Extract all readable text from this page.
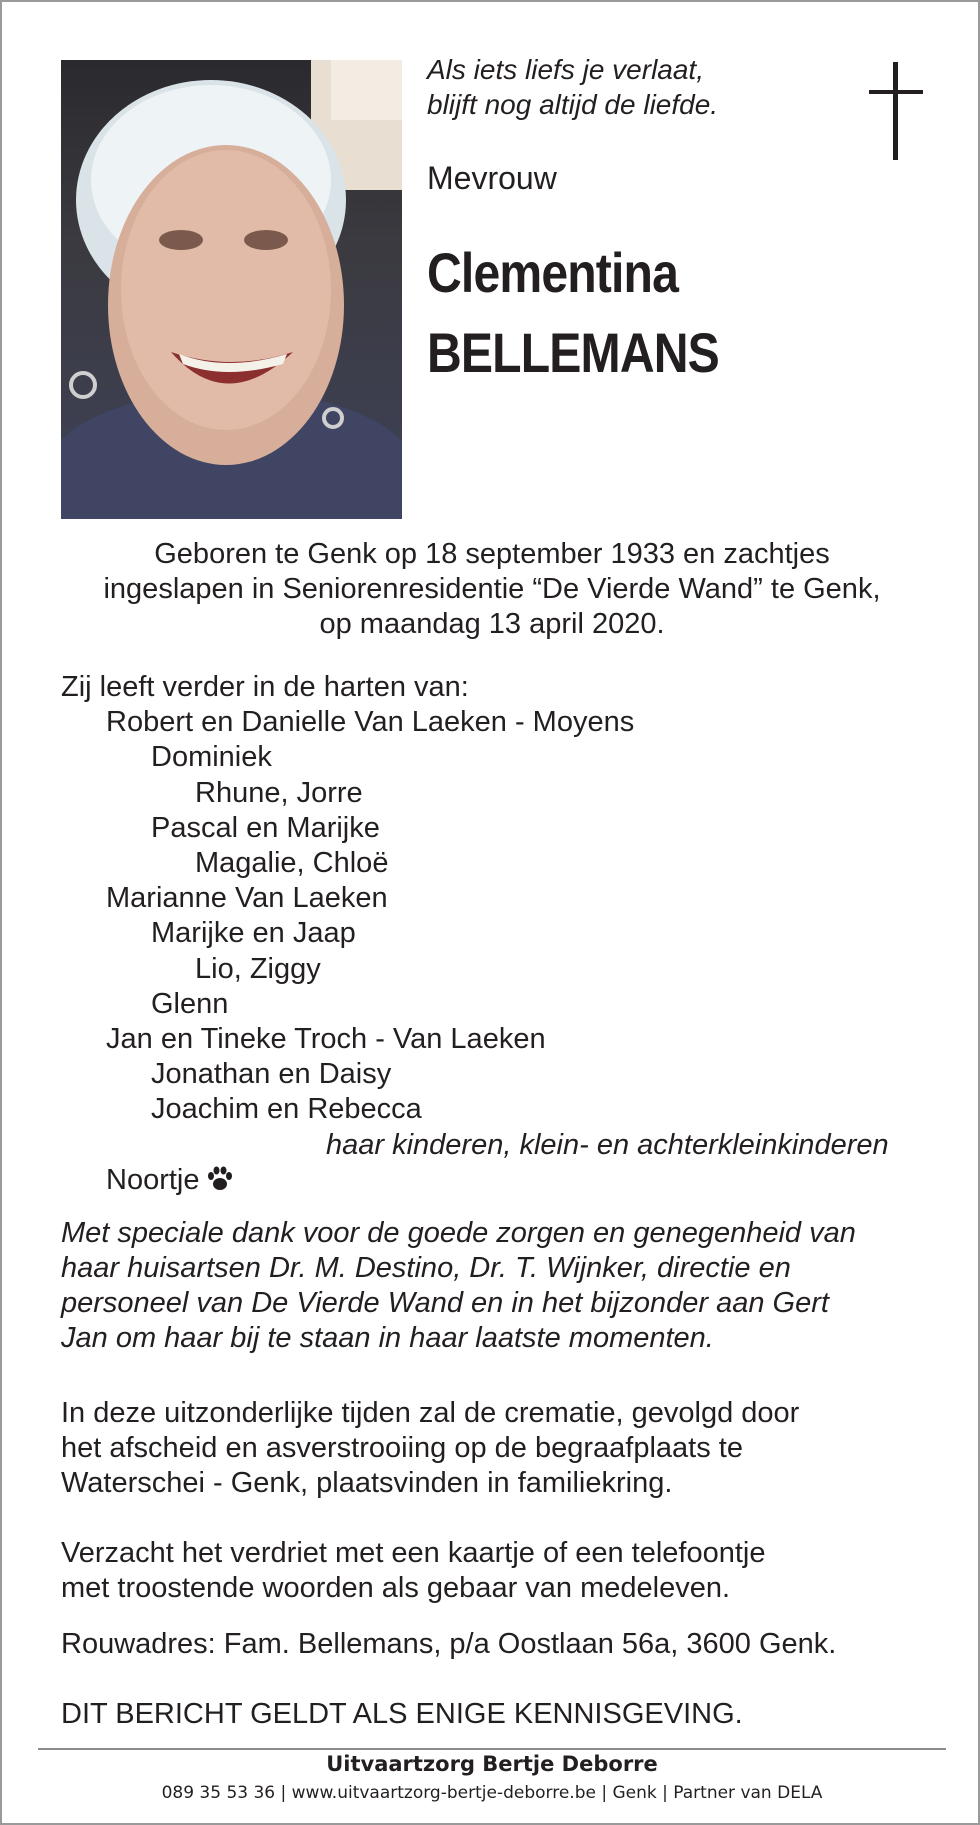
Als iets liefs je verlaat,
blijft nog altijd de liefde.
Mevrouw
Clementina
BELLEMANS
Geboren te Genk op 18 september 1933 en zachtjes
ingeslapen in Seniorenresidentie “De Vierde Wand” te Genk,
op maandag 13 april 2020.
Zij leeft verder in de harten van:
Robert en Danielle Van Laeken - Moyens
Dominiek
Rhune, Jorre
Pascal en Marijke
Magalie, Chloë
Marianne Van Laeken
Marijke en Jaap
Lio, Ziggy
Glenn
Jan en Tineke Troch - Van Laeken
Jonathan en Daisy
Joachim en Rebecca
haar kinderen, klein- en achterkleinkinderen
Noortje
Met speciale dank voor de goede zorgen en genegenheid van
haar huisartsen Dr. M. Destino, Dr. T. Wijnker, directie en
personeel van De Vierde Wand en in het bijzonder aan Gert
Jan om haar bij te staan in haar laatste momenten.
In deze uitzonderlijke tijden zal de crematie, gevolgd door
het afscheid en asverstrooiing op de begraafplaats te
Waterschei - Genk, plaatsvinden in familiekring.
Verzacht het verdriet met een kaartje of een telefoontje
met troostende woorden als gebaar van medeleven.
Rouwadres: Fam. Bellemans, p/a Oostlaan 56a, 3600 Genk.
DIT BERICHT GELDT ALS ENIGE KENNISGEVING.
Uitvaartzorg Bertje Deborre
089 35 53 36 | www.uitvaartzorg-bertje-deborre.be | Genk | Partner van DELA
